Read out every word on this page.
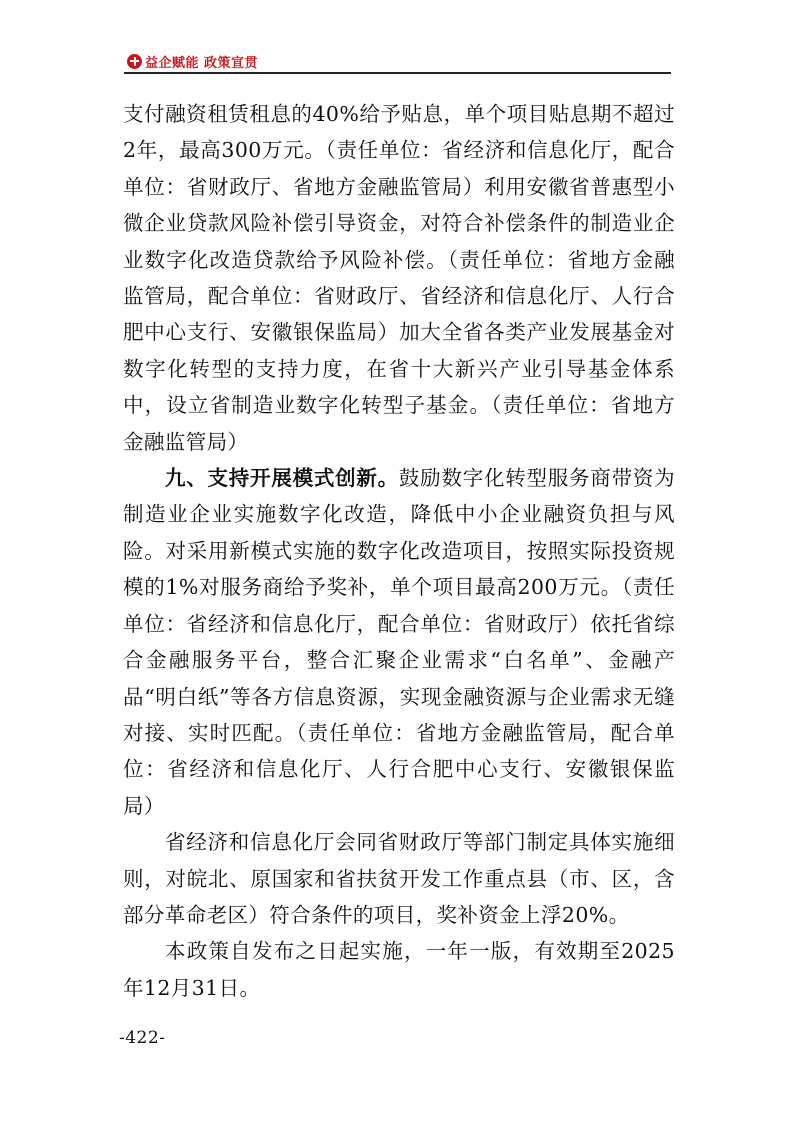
益企赋能 政策宣贯

支付融资租赁租息的40%给予贴息，单个项目贴息期不超过2年，最高300万元。（责任单位：省经济和信息化厅，配合单位：省财政厅、省地方金融监管局）利用安徽省普惠型小微企业贷款风险补偿引导资金，对符合补偿条件的制造业企业数字化改造贷款给予风险补偿。（责任单位：省地方金融监管局，配合单位：省财政厅、省经济和信息化厅、人行合肥中心支行、安徽银保监局）加大全省各类产业发展基金对数字化转型的支持力度，在省十大新兴产业引导基金体系中，设立省制造业数字化转型子基金。（责任单位：省地方金融监管局）

九、支持开展模式创新。鼓励数字化转型服务商带资为制造业企业实施数字化改造，降低中小企业融资负担与风险。对采用新模式实施的数字化改造项目，按照实际投资规模的1%对服务商给予奖补，单个项目最高200万元。（责任单位：省经济和信息化厅，配合单位：省财政厅）依托省综合金融服务平台，整合汇聚企业需求“白名单”、金融产品“明白纸”等各方信息资源，实现金融资源与企业需求无缝对接、实时匹配。（责任单位：省地方金融监管局，配合单位：省经济和信息化厅、人行合肥中心支行、安徽银保监局）

省经济和信息化厅会同省财政厅等部门制定具体实施细则，对皖北、原国家和省扶贫开发工作重点县（市、区，含部分革命老区）符合条件的项目，奖补资金上浮20%。

本政策自发布之日起实施，一年一版，有效期至2025年12月31日。

-422-
